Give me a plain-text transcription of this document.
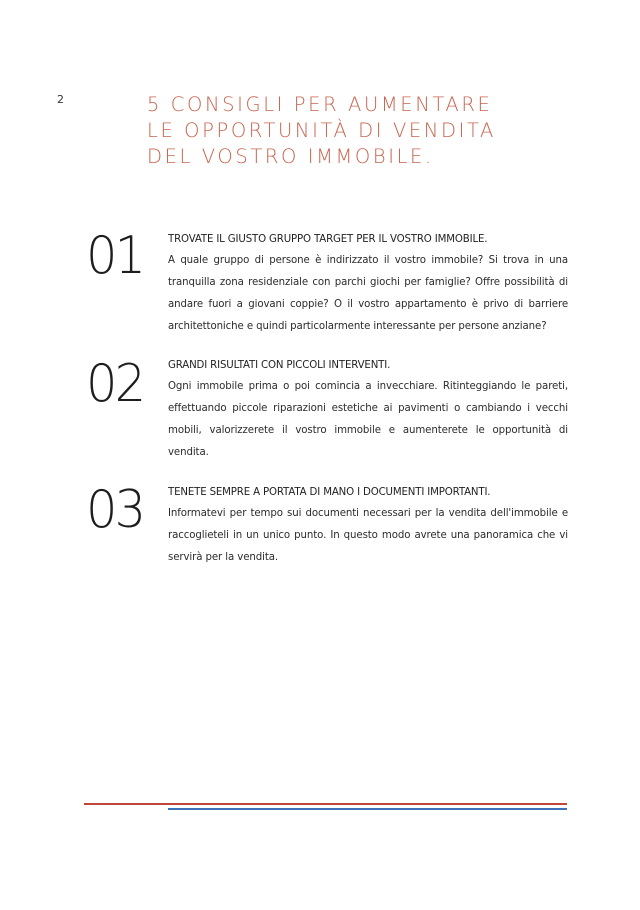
2	5 CONSIGLI PER AUMENTARE
LE OPPORTUNITÀ DI VENDITA
DEL VOSTRO IMMOBILE.
01 TROVATE IL GIUSTO GRUPPO TARGET PER IL VOSTRO IMMOBILE.

A quale gruppo di persone è indirizzato il vostro immobile? Si trova in una tranquilla zona residenziale con parchi giochi per famiglie? Offre possibilità di andare fuori a giovani coppie? O il vostro appartamento è privo di barriere architettoniche e quindi particolarmente interessante per persone anziane?

02 GRANDI RISULTATI CON PICCOLI INTERVENTI.

Ogni immobile prima o poi comincia a invecchiare. Ritinteggiando le pareti, effettuando piccole riparazioni estetiche ai pavimenti o cambiando i vecchi mobili, valorizzerete il vostro immobile e aumenterete le opportunità di vendita.

03 TENETE SEMPRE A PORTATA DI MANO I DOCUMENTI IMPORTANTI.

Informatevi per tempo sui documenti necessari per la vendita dell'immobile e raccoglieteli in un unico punto. In questo modo avrete una panoramica che vi servirà per la vendita.
